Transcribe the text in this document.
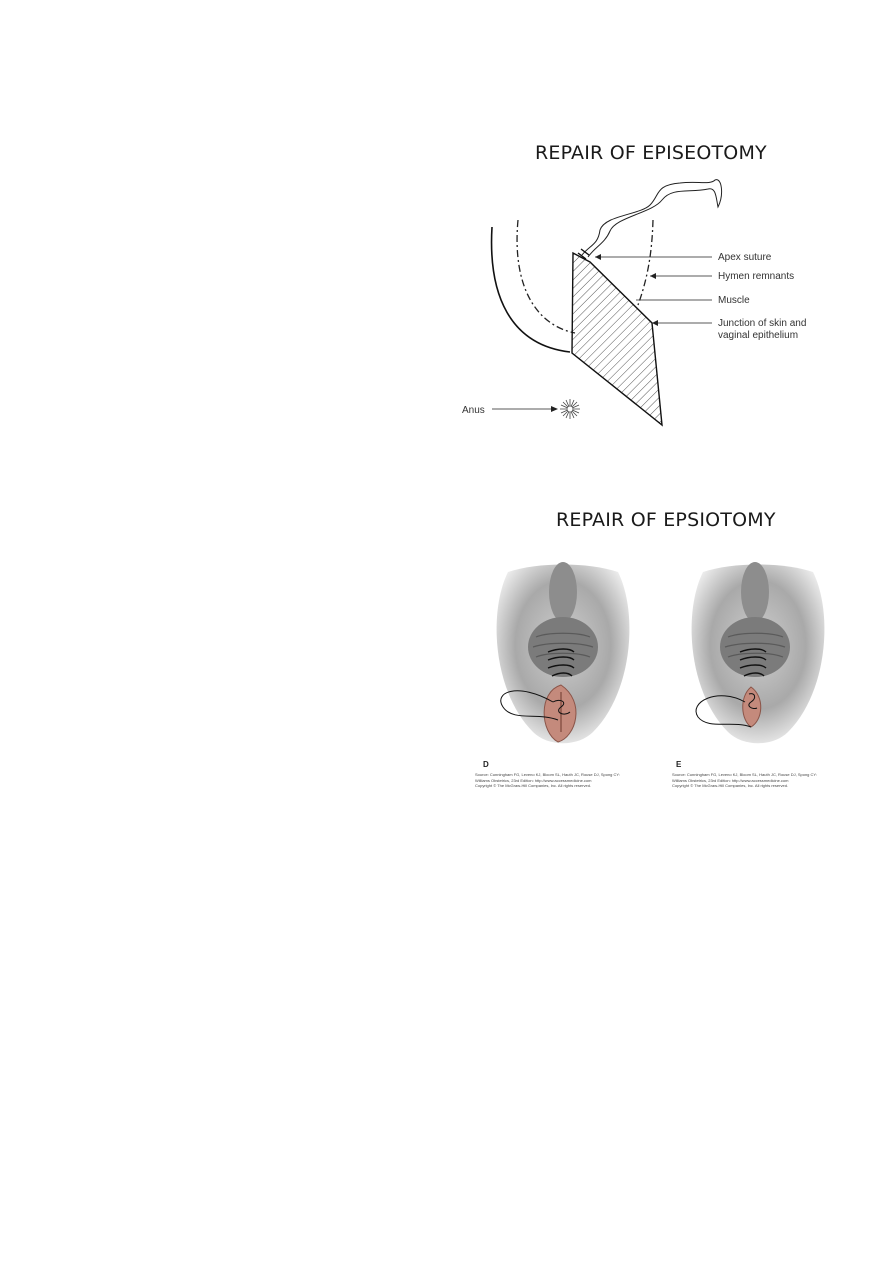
REPAIR OF EPISEOTOMY
Apex suture
Hymen remnants
Muscle
Junction of skin and
vaginal epithelium
Anus
REPAIR OF EPSIOTOMY
D
Source: Cunningham FG, Leveno KJ, Bloom SL, Hauth JC, Rouse DJ, Spong CY:
Williams Obstetrics, 23rd Edition: http://www.accessmedicine.com
Copyright © The McGraw-Hill Companies, Inc. All rights reserved.
E
Source: Cunningham FG, Leveno KJ, Bloom SL, Hauth JC, Rouse DJ, Spong CY:
Williams Obstetrics, 23rd Edition: http://www.accessmedicine.com
Copyright © The McGraw-Hill Companies, Inc. All rights reserved.
